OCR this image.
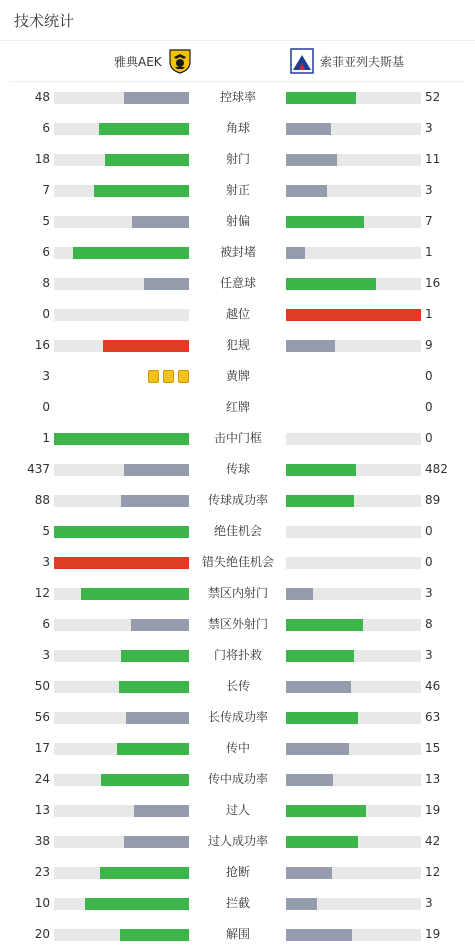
技术统计
雅典AEK	索菲亚列夫斯基
48	控球率	52
6	角球	3
18	射门	11
7	射正	3
5	射偏	7
6	被封堵	1
8	任意球	16
0	越位	1
16	犯规	9
3	黄牌	0
0	红牌	0
1	击中门框	0
437	传球	482
88	传球成功率	89
5	绝佳机会	0
3	错失绝佳机会	0
12	禁区内射门	3
6	禁区外射门	8
3	门将扑救	3
50	长传	46
56	长传成功率	63
17	传中	15
24	传中成功率	13
13	过人	19
38	过人成功率	42
23	抢断	12
10	拦截	3
20	解围	19
